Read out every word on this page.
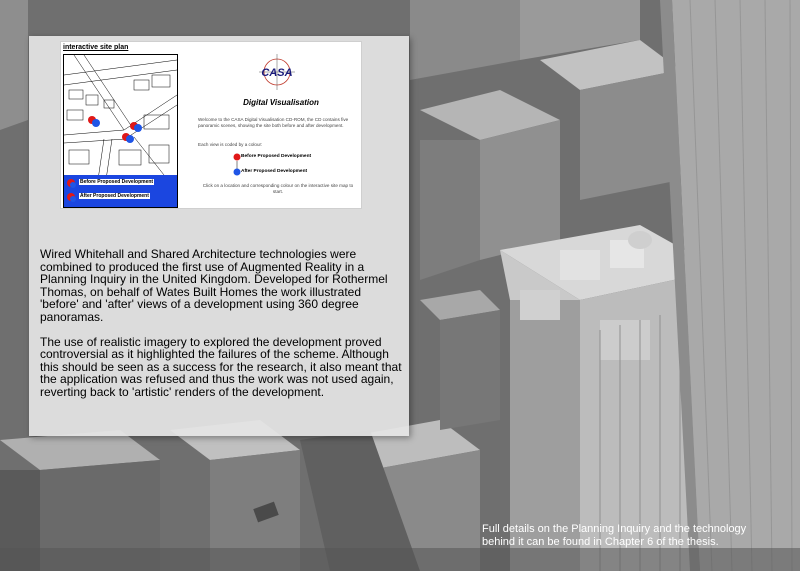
interactive site plan
Before Proposed Development
After Proposed Development
CASA
Digital Visualisation
Welcome to the CASA Digital Visualisation CD-ROM, the CD contains five panoramic scenes, showing the site both before and after development.
Each view is coded by a colour:
Before Proposed Development
After Proposed Development
Click on a location and corresponding colour on the interactive site map to start.

Wired Whitehall and Shared Architecture technologies were combined to produced the first use of Augmented Reality in a Planning Inquiry in the United Kingdom. Developed for Rothermel Thomas, on behalf of Wates Built Homes the work illustrated 'before' and 'after' views of a development using 360 degree panoramas.

The use of realistic imagery to explored the development proved controversial as it highlighted the failures of the scheme. Although this should be seen as a success for the research, it also meant that the application was refused and thus the work was not used again, reverting back to 'artistic' renders of the development.

Full details on the Planning Inquiry and the technology behind it can be found in Chapter 6 of the thesis.
